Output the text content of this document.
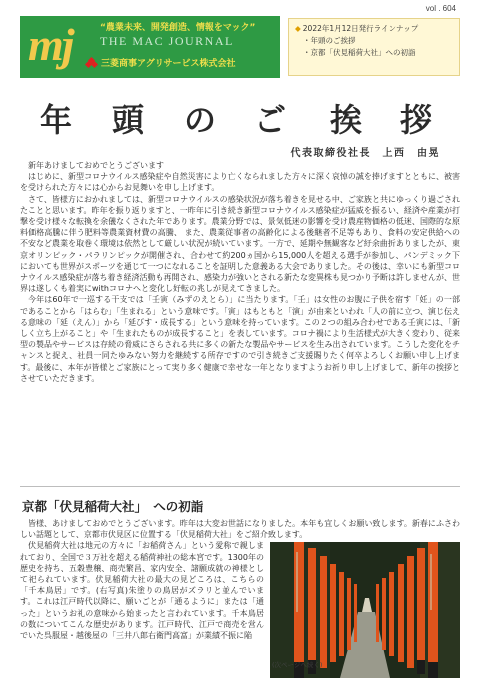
vol . 604
mj	“農業未来、開発創造、情報をマック”
THE MAC JOURNAL
三菱商事アグリサービス株式会社
◆ 2022年1月12日発行ラインナップ
・年頭のご挨拶
・京都「伏見稲荷大社」への初詣
年 頭 の ご 挨 拶
代表取締役社長　上西　由晃

新年あけましておめでとうございます

はじめに、新型コロナウイルス感染症や自然災害により亡くなられました方々に深く哀悼の誠を捧げますとともに、被害を受けられた方々には心からお見舞いを申し上げます。

さて、皆様方におかれましては、新型コロナウイルスの感染状況が落ち着きを見せる中、ご家族と共にゆっくり過ごされたことと思います。昨年を振り返りますと、一昨年に引き続き新型コロナウイルス感染症が猛威を振るい、経済や産業が打撃を受け様々な転換を余儀なくされた年であります。農業分野では、景気低迷の影響を受け農産物価格の低迷、国際的な原料価格高騰に伴う肥料等農業資材費の高騰、 また、農業従事者の高齢化による後継者不足等もあり、食料の安定供給への不安など農業を取巻く環境は依然として厳しい状況が続いています。一方で、延期や無観客など紆余曲折ありましたが、東京オリンピック・パラリンピックが開催され、合わせて約200ヵ国から15,000人を超える選手が参加し、パンデミック下においても世界がスポーツを通じて一つになれることを証明した意義ある大会でありました。その後は、幸いにも新型コロナウイルス感染症が落ち着き経済活動も再開され、感染力が強いとされる新たな変異株も見つかり予断は許しませんが、世界は遂しくも着実にwithコロナへと変化し好転の兆しが見えてきました。

今年は60年で一巡する干支では「壬寅（みずのえとら）」に当たります。「壬」は女性のお腹に子供を宿す「妊」の一部であることから「はらむ」「生まれる」という意味です。「寅」はもともと「演」が由来といわれ「人の前に立つ、演じ伝える意味の「延（えん）」から「延びす・成長する」という意味を持っています。この２つの組み合わせである壬寅には、「新しく立ち上がること」や「生まれたものが成長すること」を表しています。コロナ禍により生活様式が大きく変わり、従来型の製品やサービスは存続の脅威にさらされる共に多くの新たな製品やサービスを生み出されています。こうした変化をチャンスと捉え、社員一同たゆみない努力を継続する所存ですので引き続きご支援賜りたく何卒よろしくお願い申し上げます。最後に、本年が皆様とご家族にとって実り多く健康で幸せな一年となりますようお祈り申し上げまして、新年の挨拶とさせていただきます。

京都「伏見稲荷大社」　への初詣

皆様、あけましておめでとうございます。昨年は大変お世話になりました。本年も宜しくお願い致します。新春にふさわしい話題として、京都市伏見区に位置する「伏見稲荷大社」をご紹介致します。

伏見稲荷大社は地元の方々に「お稲荷さん」という愛称で親しまれており、全国で３万社を超える稲荷神社の総本宮です。1300年の歴史を持ち、五穀豊穣、商売繁昌、家内安全、諸願成就の神様として祀られています。伏見稲荷大社の最大の見どころは、こちらの「千本鳥居」です。(右写真)朱塗りの鳥居がズラリと並んでいます。これは江戸時代以降に、願いごとが「通るように」または「通った」というお礼の意味から始まったと言われています。千本鳥居の数についてこんな歴史があります。江戸時代、江戸で商売を営んでいた呉服屋・越後屋の「三井八郎右衛門高富」が業績不振に陥

(次ページへ続く)
